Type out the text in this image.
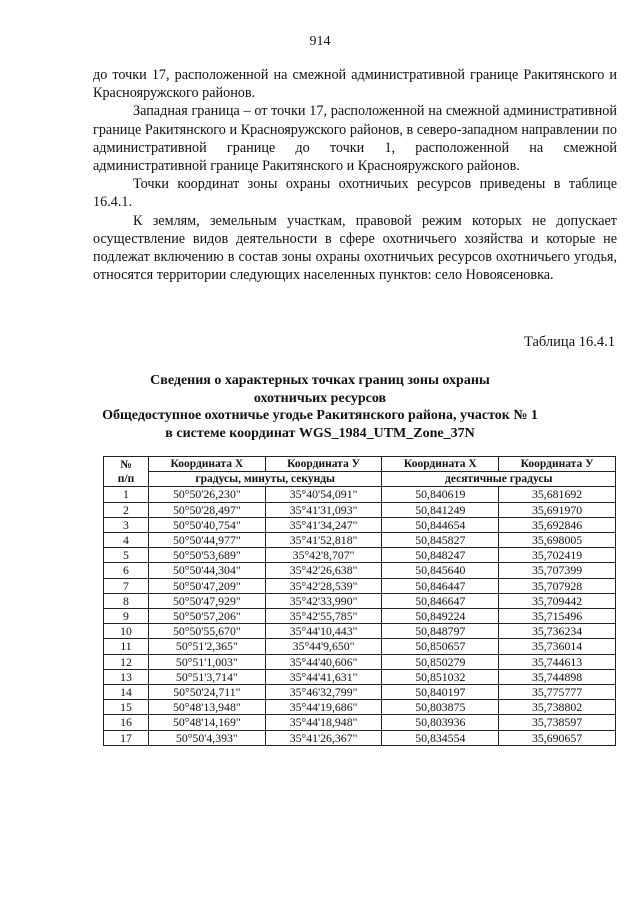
914

до точки 17, расположенной на смежной административной границе Ракитянского и Краснояружского районов.

Западная граница – от точки 17, расположенной на смежной административной границе Ракитянского и Краснояружского районов, в северо-западном направлении по административной границе до точки 1, расположенной на смежной административной границе Ракитянского и Краснояружского районов.

Точки координат зоны охраны охотничьих ресурсов приведены в таблице 16.4.1.

К землям, земельным участкам, правовой режим которых не допускает осуществление видов деятельности в сфере охотничьего хозяйства и которые не подлежат включению в состав зоны охраны охотничьих ресурсов охотничьего угодья, относятся территории следующих населенных пунктов: село Новоясеновка.

Таблица 16.4.1
Сведения о характерных точках границ зоны охраны
охотничьих ресурсов
Общедоступное охотничье угодье Ракитянского района, участок № 1
в системе координат WGS_1984_UTM_Zone_37N
№
п/п	Координата X	Координата У	Координата X	Координата У
	градусы, минуты, секунды		десятичные градусы	
1	50°50'26,230"	35°40'54,091"	50,840619	35,681692
2	50°50'28,497"	35°41'31,093"	50,841249	35,691970
3	50°50'40,754"	35°41'34,247"	50,844654	35,692846
4	50°50'44,977"	35°41'52,818"	50,845827	35,698005
5	50°50'53,689"	35°42'8,707"	50,848247	35,702419
6	50°50'44,304"	35°42'26,638"	50,845640	35,707399
7	50°50'47,209"	35°42'28,539"	50,846447	35,707928
8	50°50'47,929"	35°42'33,990"	50,846647	35,709442
9	50°50'57,206"	35°42'55,785"	50,849224	35,715496
10	50°50'55,670"	35°44'10,443"	50,848797	35,736234
11	50°51'2,365"	35°44'9,650"	50,850657	35,736014
12	50°51'1,003"	35°44'40,606"	50,850279	35,744613
13	50°51'3,714"	35°44'41,631"	50,851032	35,744898
14	50°50'24,711"	35°46'32,799"	50,840197	35,775777
15	50°48'13,948"	35°44'19,686"	50,803875	35,738802
16	50°48'14,169"	35°44'18,948"	50,803936	35,738597
17	50°50'4,393"	35°41'26,367"	50,834554	35,690657
